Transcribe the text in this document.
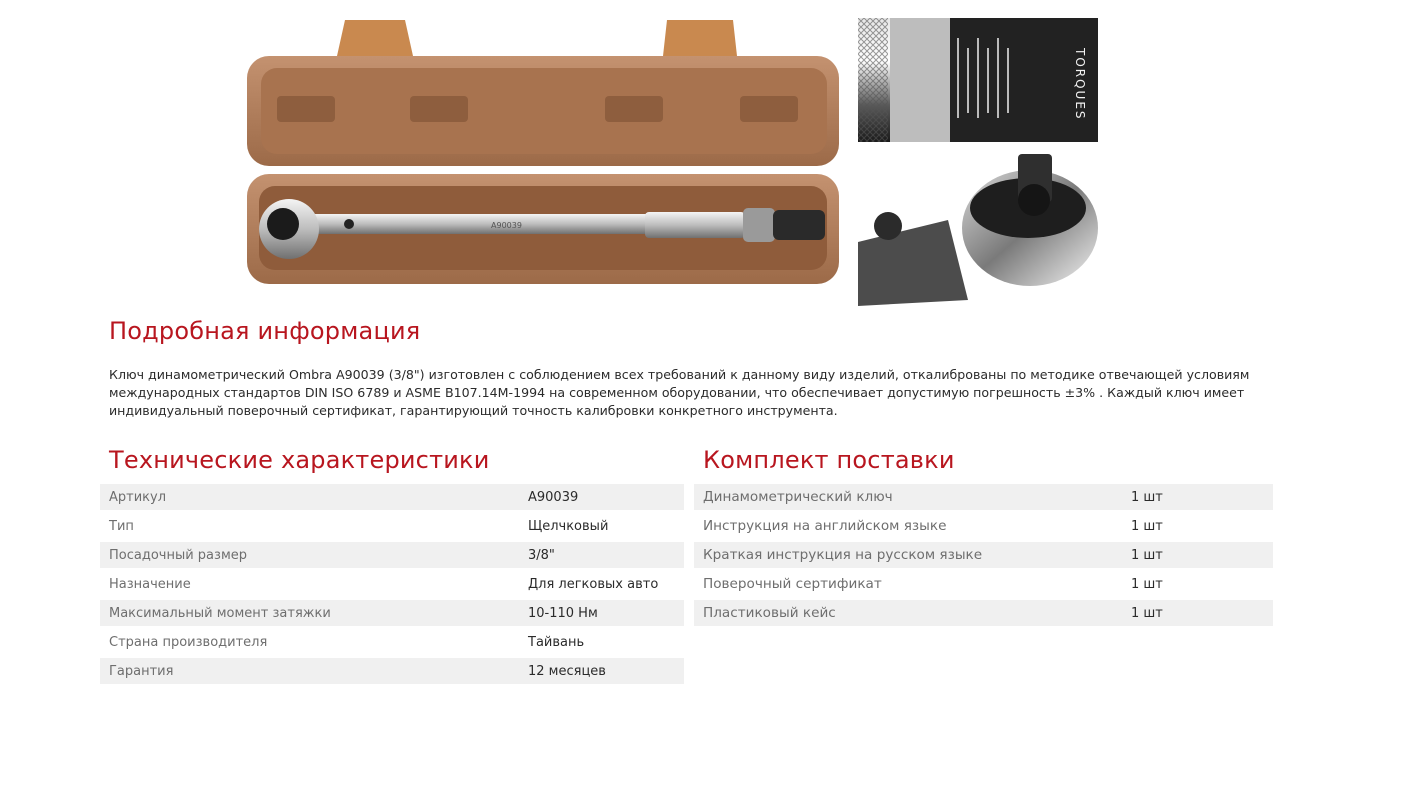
A90039
TORQUES
Подробная информация

Ключ динамометрический Ombra A90039 (3/8") изготовлен с соблюдением всех требований к данному виду изделий, откалиброваны по методике отвечающей условиям международных стандартов DIN ISO 6789 и ASME B107.14M-1994 на современном оборудовании, что обеспечивает допустимую погрешность ±3% . Каждый ключ имеет индивидуальный поверочный сертификат, гарантирующий точность калибровки конкретного инструмента.

Технические характеристики
Артикул	A90039
Тип	Щелчковый
Посадочный размер	3/8"
Назначение	Для легковых авто
Максимальный момент затяжки	10-110 Нм
Страна производителя	Тайвань
Гарантия	12 месяцев
Комплект поставки
Динамометрический ключ	1 шт
Инструкция на английском языке	1 шт
Краткая инструкция на русском языке	1 шт
Поверочный сертификат	1 шт
Пластиковый кейс	1 шт
